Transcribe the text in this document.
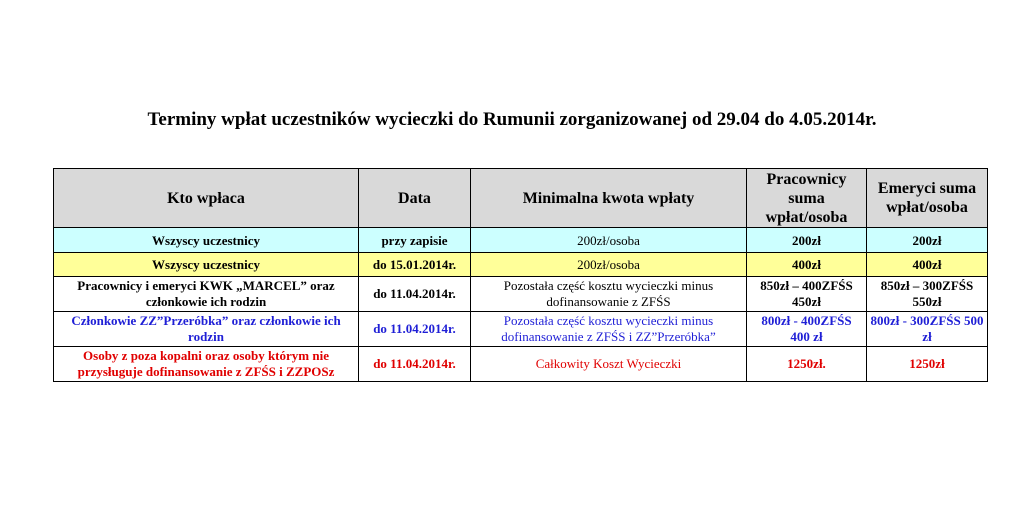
Terminy wpłat uczestników wycieczki do Rumunii zorganizowanej od 29.04 do 4.05.2014r.
Kto wpłaca	Data	Minimalna kwota wpłaty	Pracownicy suma wpłat/osoba	Emeryci suma wpłat/osoba
Wszyscy uczestnicy	przy zapisie	200zł/osoba	200zł	200zł
Wszyscy uczestnicy	do 15.01.2014r.	200zł/osoba	400zł	400zł
Pracownicy i emeryci KWK „MARCEL” oraz członkowie ich rodzin	do 11.04.2014r.	Pozostała część kosztu wycieczki minus dofinansowanie z ZFŚS	850zł – 400ZFŚS 450zł	850zł – 300ZFŚS 550zł
Członkowie ZZ”Przeróbka” oraz członkowie ich rodzin	do 11.04.2014r.	Pozostała część kosztu wycieczki minus dofinansowanie z ZFŚS i ZZ”Przeróbka”	800zł - 400ZFŚS 400 zł	800zł - 300ZFŚS 500 zł
Osoby z poza kopalni oraz osoby którym nie przysługuje dofinansowanie z ZFŚS i ZZPOSz	do 11.04.2014r.	Całkowity Koszt Wycieczki	1250zł.	1250zł
